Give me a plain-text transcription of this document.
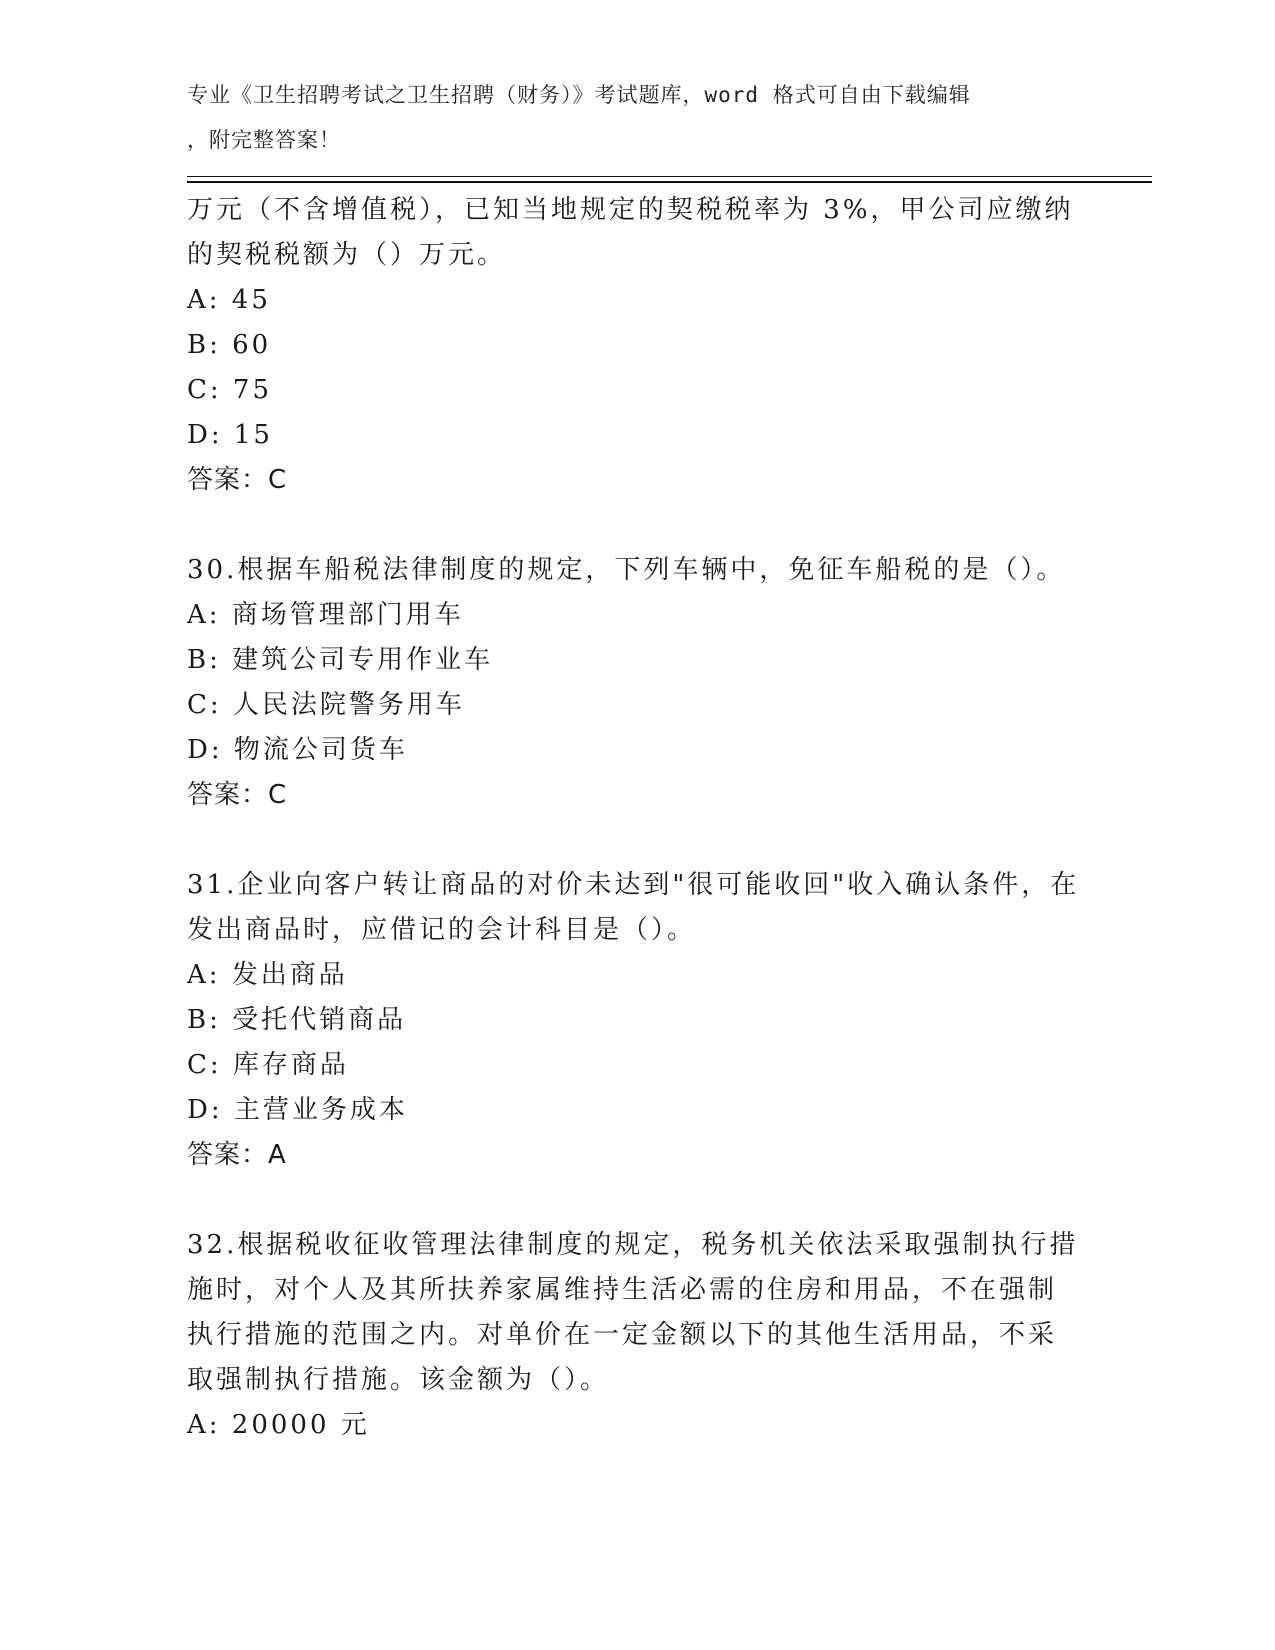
专业《卫生招聘考试之卫生招聘（财务）》考试题库，word 格式可自由下载编辑
，附完整答案！
万元（不含增值税），已知当地规定的契税税率为 3%，甲公司应缴纳
的契税税额为（）万元。
A: 45
B: 60
C: 75
D: 15
答案：C
30.根据车船税法律制度的规定，下列车辆中，免征车船税的是（）。
A: 商场管理部门用车
B: 建筑公司专用作业车
C: 人民法院警务用车
D: 物流公司货车
答案：C
31.企业向客户转让商品的对价未达到"很可能收回"收入确认条件，在
发出商品时，应借记的会计科目是（）。
A: 发出商品
B: 受托代销商品
C: 库存商品
D: 主营业务成本
答案：A
32.根据税收征收管理法律制度的规定，税务机关依法采取强制执行措
施时，对个人及其所扶养家属维持生活必需的住房和用品，不在强制
执行措施的范围之内。对单价在一定金额以下的其他生活用品，不采
取强制执行措施。该金额为（）。
A: 20000 元
